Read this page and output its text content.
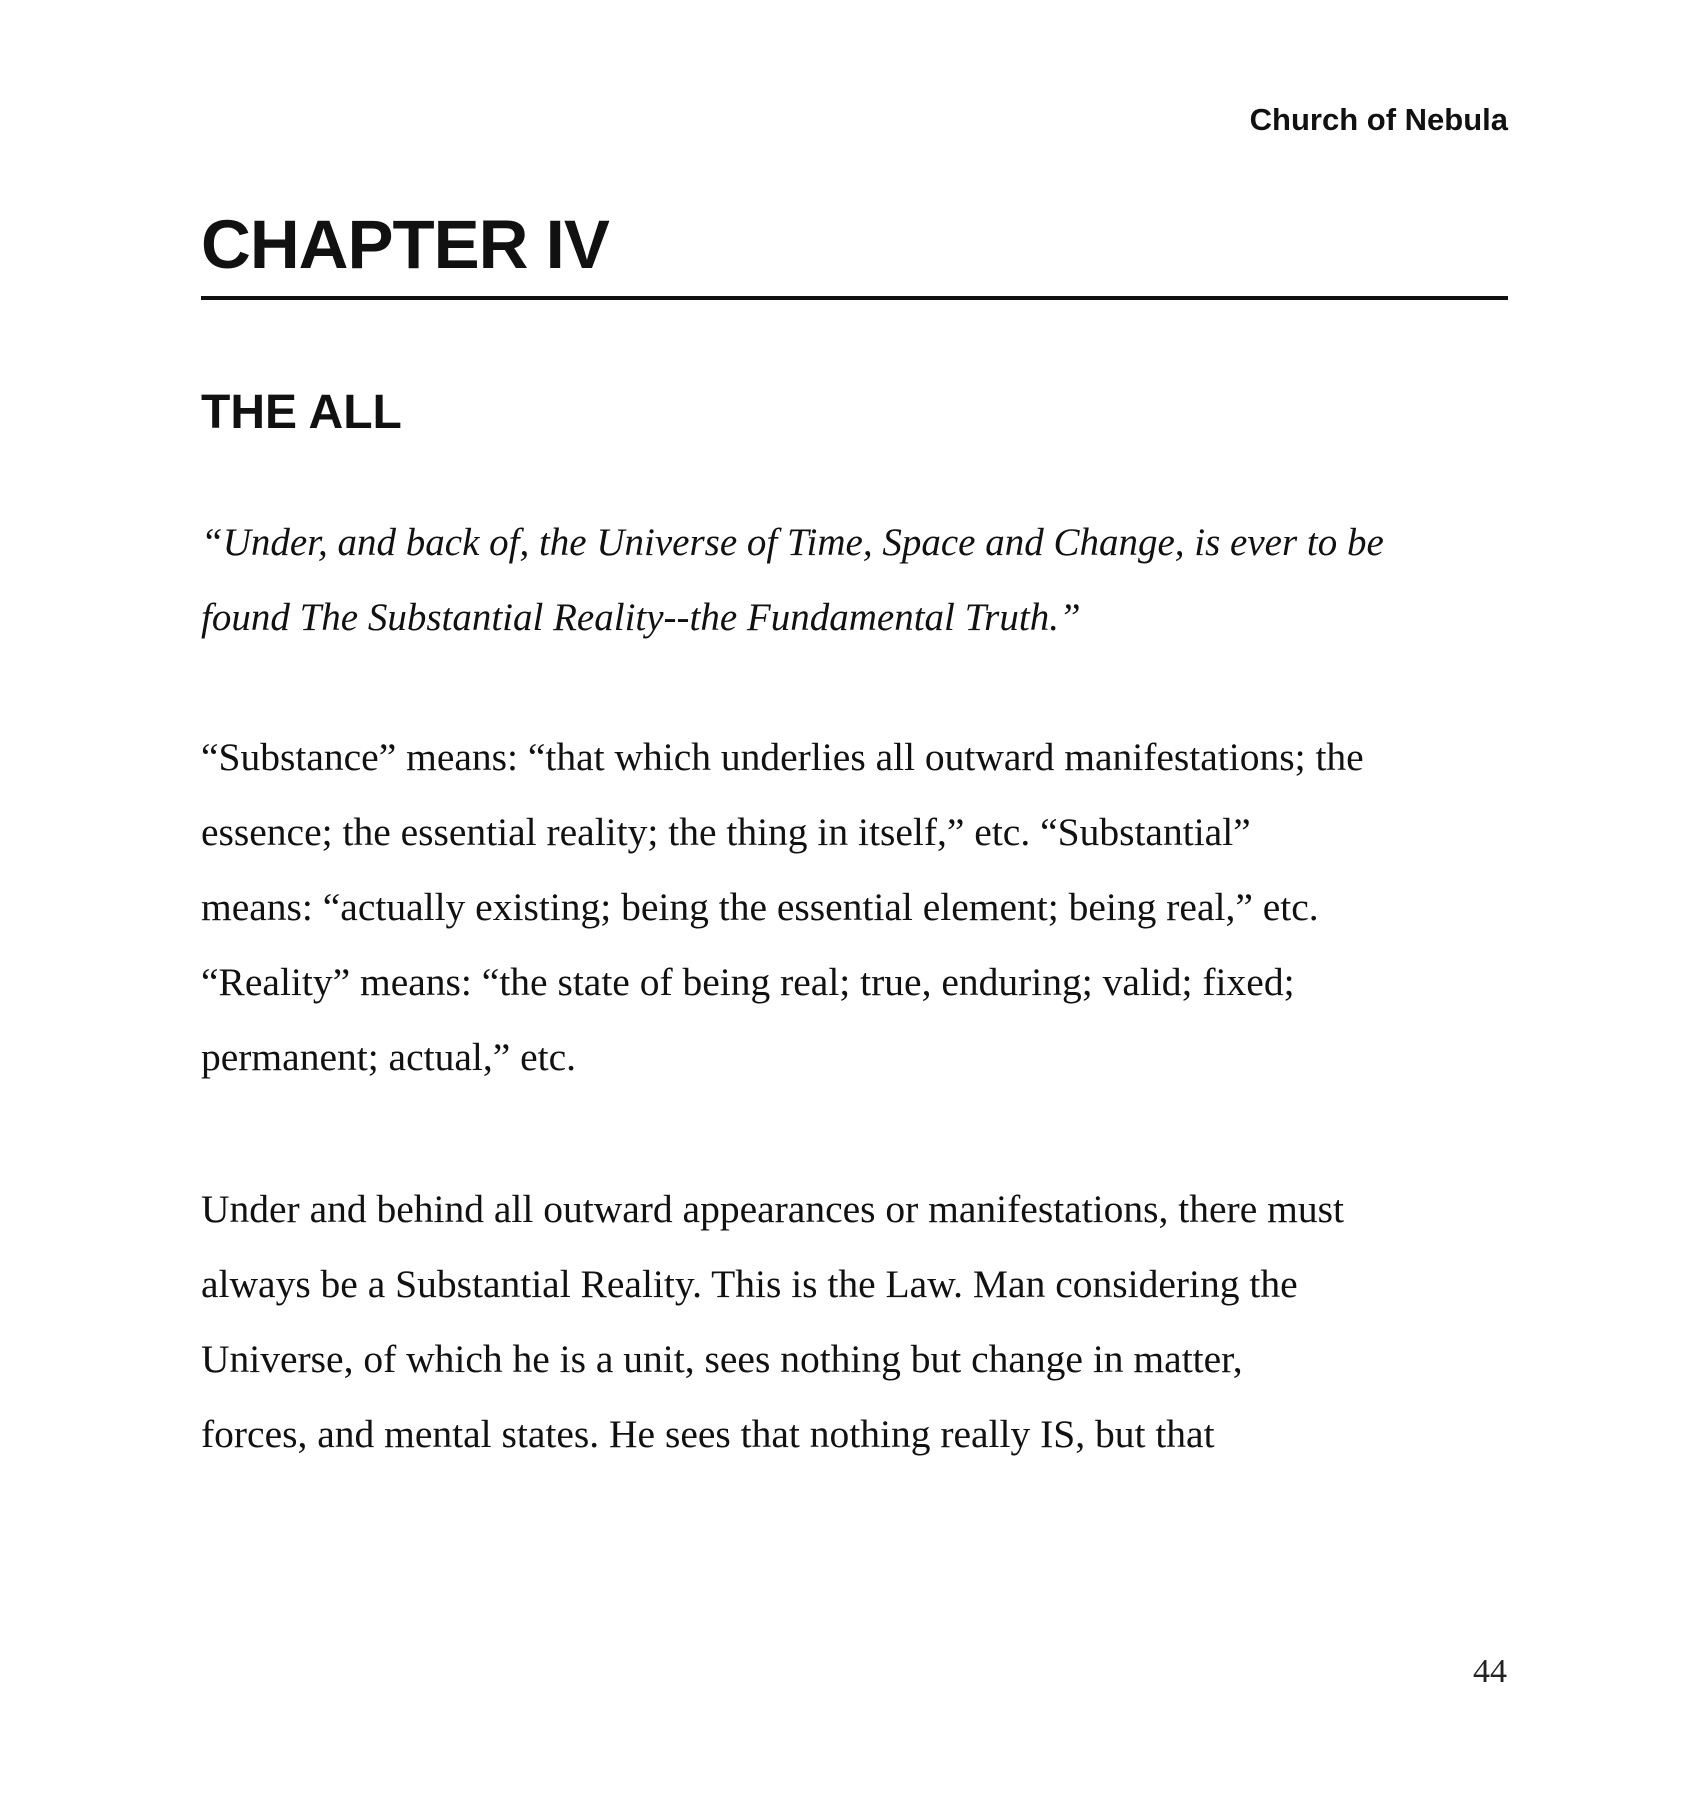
Church of Nebula
CHAPTER IV
THE ALL

“Under, and back of, the Universe of Time, Space and Change, is ever to be
found The Substantial Reality--the Fundamental Truth.”

“Substance” means: “that which underlies all outward manifestations; the
essence; the essential reality; the thing in itself,” etc. “Substantial”
means: “actually existing; being the essential element; being real,” etc.
“Reality” means: “the state of being real; true, enduring; valid; fixed;
permanent; actual,” etc.

Under and behind all outward appearances or manifestations, there must
always be a Substantial Reality. This is the Law. Man considering the
Universe, of which he is a unit, sees nothing but change in matter,
forces, and mental states. He sees that nothing really IS, but that

44
